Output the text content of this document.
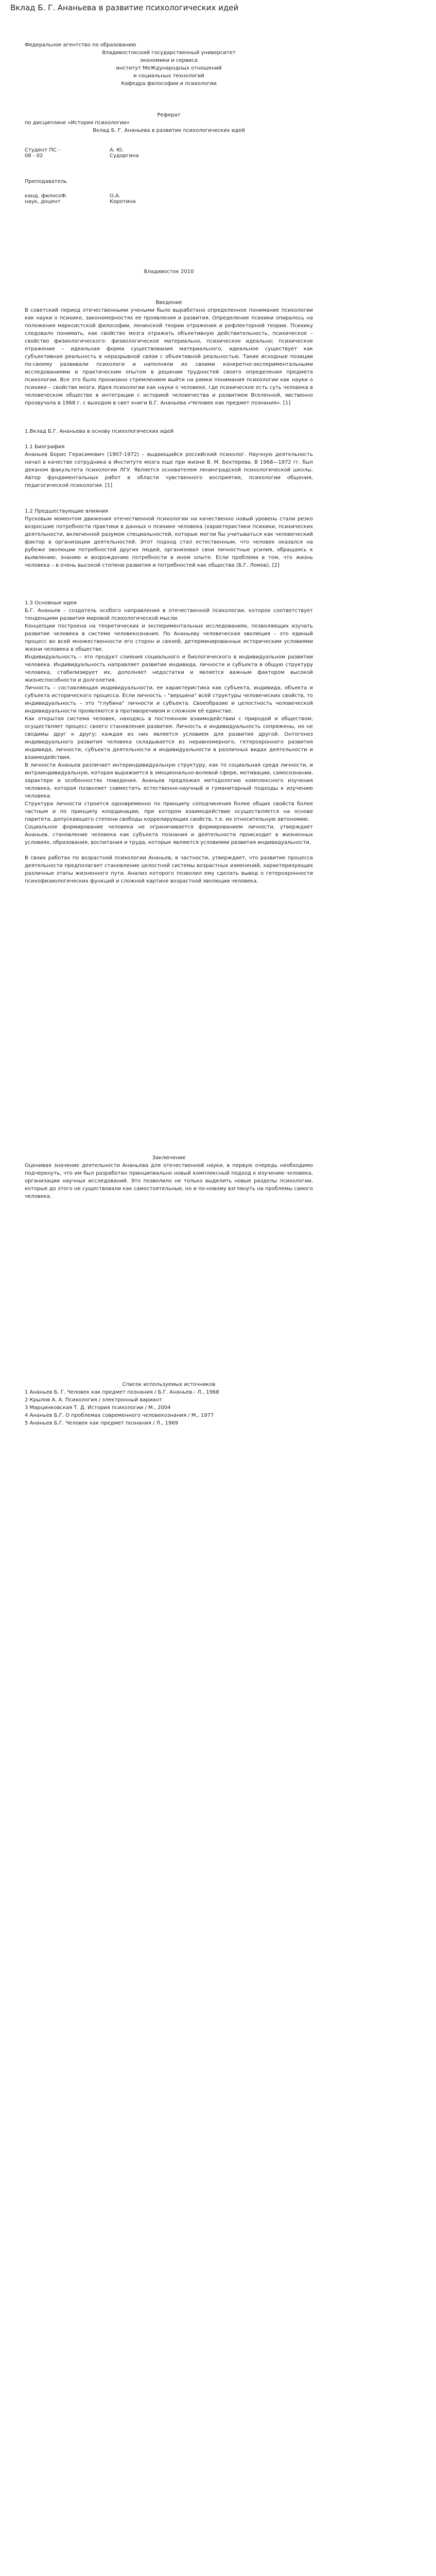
Вклад Б. Г. Ананьева в развитие психологических идей

Федеральное агентство по образованию

Владивостокский государственный университет

экономики и сервиса

институт МеЖдународных отношений

и социальных технологий

Кафедра философии и психологии

Реферат

по дисциплине «История психологии»

Вклад Б. Г. Ананьева в развитие психологических идей

Студент ПС -	А. Ю.
08 - 02	Судоргина

Преподаватель

канд. филосоФ.	О.А.
наук, доцент	Коротина

Владивосток 2010

Введение

В советский период отечественными учеными было выработано определенное понимание психологии как науки о психике, закономерностях ее проявления и развития. Определение психики опиралось на положения марксистской философии, ленинской теории отражения и рефлекторной теории. Психику следовало понимать, как свойство мозга отражать объективную действительность, психическое – свойство физиологического: физиологическое материально, психическое идеально; психическое отражение – идеальная форма существования материального, идеальное существует как субъективная реальность в неразрывной связи с объективной реальностью. Такие исходные позиции по-своему развивали психологи и наполняли их своими конкретно-экспериментальными исследованиями и практическим опытом в решении трудностей своего определения предмета психологии. Все это было пронизано стремлением выйти на рамки понимания психологии как науки о психике – свойстве мозга. Идея психологии как науки о человеке, где психическое есть суть человека в человеческом обществе в интеграции с историей человечества и развитием Вселенной, явственно прозвучала в 1968 г. с выходом в свет книги Б.Г. Ананьева «Человек как предмет познания». [1]

1.Вклад Б.Г. Ананьева в основу психологических идей

1.1 Биография

Ананьев Борис Герасимович (1907-1972) – выдающийся российский психолог. Научную деятельность начал в качестве сотрудника в Институте мозга еще при жизни В. М. Бехтерева. В 1968—1972 гг. был деканом факультета психологии ЛГУ. Является основателем ленинградской психологической школы. Автор фундаментальных работ в области чувственного восприятия, психологии общения, педагогической психологии. [1]

1.2 Предшествующие влияния

Пусковым моментом движения отечественной психологии на качественно новый уровень стали резко возросшие потребности практики в данных о психике человека (характеристики психики, психических деятельности, включенной разумом специальностей, которые могли бы учитываться как человеческий фактор в организации деятельностей. Этот подход стал естественным, что человек оказался на рубеже эволюции потребностей других людей, организовал свои личностные усилия, обращаясь к выявлению, знанию и возрождению потребности в ином опыте. Если проблема в том, что жизнь человека – в очень высокой степени развития и потребностей как общества (Б.Г. Ломов), [2]

1.3 Основные идеи

Б.Г. Ананьев – создатель особого направления в отечественной психологии, которое соответствует тенденциям развития мировой психологической мысли.

Концепции построена на теоретических и экспериментальных исследованиях, позволяющих изучать развитие человека в системе человекознания. По Ананьеву человеческая эволюция – это единый процесс во всей множественности его сторон и связей, детерминированных историческим условиями жизни человека в обществе.

Индивидуальность – это продукт слияния социального и биологического в индивидуальном развитии человека. Индивидуальность направляет развитие индивида, личности и субъекта в общую структуру человека, стабилизирует их, дополняет недостатки и является важным фактором высокой жизнеспособности и долголетия.

Личность – составляющая индивидуальности, ее характеристика как субъекта, индивида, объекта и субъекта исторического процесса. Если личность – "вершина" всей структуры человеческих свойств, то индивидуальность – это "глубина" личности и субъекта. Своеобразие и целостность человеческой индивидуальности проявляются в противоречивом и сложном её единстве.

Как открытая система человек, находясь в постоянном взаимодействии с природой и обществом, осуществляет процесс своего становления развития. Личность и индивидуальность сопряжены, но не сводимы друг к другу; каждая из них является условием для развития другой. Онтогенез индивидуального развития человека складывается из неравномерного, гетерохронного развития индивида, личности, субъекта деятельности и индивидуальности в различных видах деятельности и взаимодействия.

В личности Ананьев различает интериндивидуальную структуру, как то социальная среда личности, и интраиндивидуальную, которая выражается в эмоционально-волевой сфере, мотивации, самосознании, характере и особенностях поведения. Ананьев предложил методологию комплексного изучения человека, которая позволяет совместить естественно-научный и гуманитарный подходы к изучению человека.

Структура личности строится одновременно по принципу соподчинения более общих свойств более частным и по принципу координации, при котором взаимодействие осуществляется на основе паритета, допускающего степени свободы коррелирующих свойств, т.е. их относительную автономию.

Социальное формирование человека не ограничивается формированием личности, утверждает Ананьев, становление человека как субъекта познания и деятельности происходит в жизненных условиях, образования, воспитания и труда, которые являются условиями развития индивидуальности.

В своих работах по возрастной психологии Ананьев, в частности, утверждает, что развитие процесса деятельности предполагает становление целостной системы возрастных изменений, характеризующих различные этапы жизненного пути. Анализ которого позволил ему сделать вывод о гетерохронности психофизиологических функций и сложной картине возрастной эволюции человека.

Заключение

Оценивая значение деятельности Ананьева для отечественной науки, в первую очередь необходимо подчеркнуть, что им был разработан принципиально новый комплексный подход к изучению человека, организации научных исследований. Это позволило не только выделить новые разделы психологии, которые до этого не существовали как самостоятельные, но и по-новому взглянуть на проблемы самого человека.

Список используемых источников

1 Ананьев Б. Г. Человек как предмет познания / Б.Г. Ананьев.- Л., 1968
2 Крылов А. А. Психология / электронный вариант
3 Марцинковская Т. Д. История психологии / М., 2004
4 Ананьев Б.Г. О проблемах современного человекознания / М., 1977
5 Ананьев Б.Г. Человек как предмет познания / Л., 1969
